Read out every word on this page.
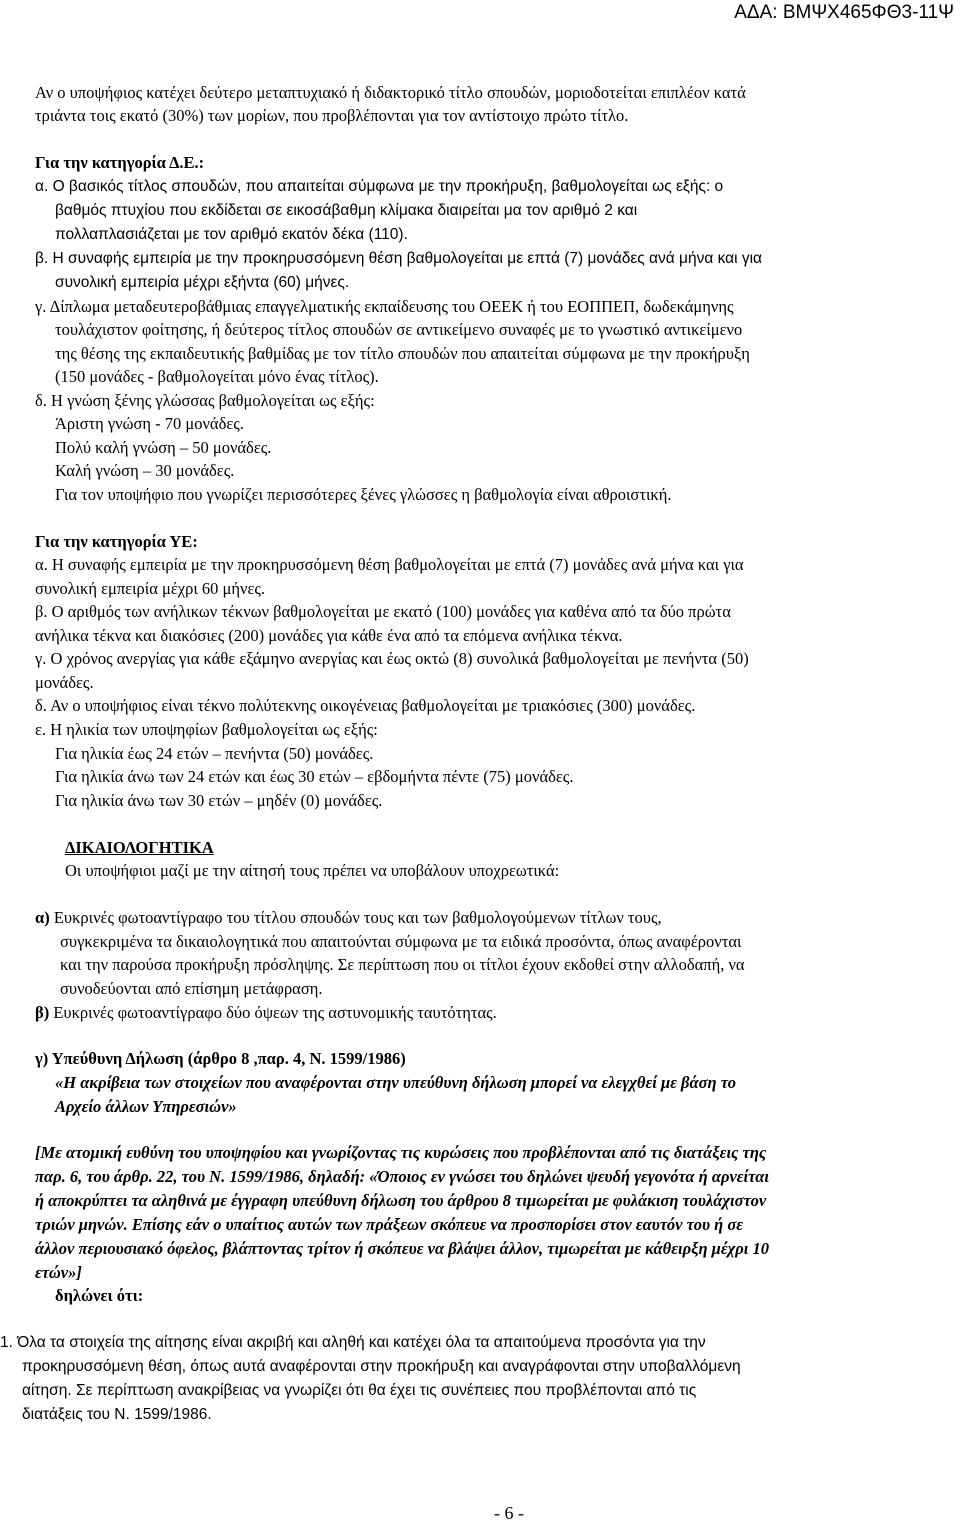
ΑΔΑ: ΒΜΨΧ465ΦΘ3-11Ψ

Αν ο υποψήφιος κατέχει δεύτερο μεταπτυχιακό ή διδακτορικό τίτλο σπουδών, μοριοδοτείται επιπλέον κατά

τριάντα τοις εκατό (30%) των μορίων, που προβλέπονται για τον αντίστοιχο πρώτο τίτλο.

Για την κατηγορία Δ.Ε.:

α. Ο βασικός τίτλος σπουδών, που απαιτείται σύμφωνα με την προκήρυξη, βαθμολογείται ως εξής: ο

βαθμός πτυχίου που εκδίδεται σε εικοσάβαθμη κλίμακα διαιρείται μα τον αριθμό 2 και

πολλαπλασιάζεται με τον αριθμό εκατόν δέκα (110).

β. Η συναφής εμπειρία με την προκηρυσσόμενη θέση βαθμολογείται με επτά (7) μονάδες ανά μήνα και για

συνολική εμπειρία μέχρι εξήντα (60) μήνες.

γ. Δίπλωμα μεταδευτεροβάθμιας επαγγελματικής εκπαίδευσης του ΟΕΕΚ ή του ΕΟΠΠΕΠ, δωδεκάμηνης

τουλάχιστον φοίτησης, ή δεύτερος τίτλος σπουδών σε αντικείμενο συναφές με το γνωστικό αντικείμενο

της θέσης της εκπαιδευτικής βαθμίδας με τον τίτλο σπουδών που απαιτείται σύμφωνα με την προκήρυξη

(150 μονάδες - βαθμολογείται μόνο ένας τίτλος).

δ. Η γνώση ξένης γλώσσας βαθμολογείται ως εξής:

Άριστη γνώση - 70 μονάδες.

Πολύ καλή γνώση – 50 μονάδες.

Καλή γνώση – 30 μονάδες.

Για τον υποψήφιο που γνωρίζει περισσότερες ξένες γλώσσες η βαθμολογία είναι αθροιστική.

Για την κατηγορία ΥΕ:

α. Η συναφής εμπειρία με την προκηρυσσόμενη θέση βαθμολογείται με επτά (7) μονάδες ανά μήνα και για

συνολική εμπειρία μέχρι 60 μήνες.

β. Ο αριθμός των ανήλικων τέκνων βαθμολογείται με εκατό (100) μονάδες για καθένα από τα δύο πρώτα

ανήλικα τέκνα και διακόσιες (200) μονάδες για κάθε ένα από τα επόμενα ανήλικα τέκνα.

γ. Ο χρόνος ανεργίας για κάθε εξάμηνο ανεργίας και έως οκτώ (8) συνολικά βαθμολογείται με πενήντα (50)

μονάδες.

δ. Αν ο υποψήφιος είναι τέκνο πολύτεκνης οικογένειας βαθμολογείται με τριακόσιες (300) μονάδες.

ε. Η ηλικία των υποψηφίων βαθμολογείται ως εξής:

Για ηλικία έως 24 ετών – πενήντα (50) μονάδες.

Για ηλικία άνω των 24 ετών και έως 30 ετών – εβδομήντα πέντε (75) μονάδες.

Για ηλικία άνω των 30 ετών – μηδέν (0) μονάδες.

ΔΙΚΑΙΟΛΟΓΗΤΙΚΑ

Οι υποψήφιοι μαζί με την αίτησή τους πρέπει να υποβάλουν υποχρεωτικά:

α) Ευκρινές φωτοαντίγραφο του τίτλου σπουδών τους και των βαθμολογούμενων τίτλων τους,

συγκεκριμένα τα δικαιολογητικά που απαιτούνται σύμφωνα με τα ειδικά προσόντα, όπως αναφέρονται

και την παρούσα προκήρυξη πρόσληψης. Σε περίπτωση που οι τίτλοι έχουν εκδοθεί στην αλλοδαπή, να

συνοδεύονται από επίσημη μετάφραση.

β) Ευκρινές φωτοαντίγραφο δύο όψεων της αστυνομικής ταυτότητας.

γ) Υπεύθυνη Δήλωση (άρθρο 8 ,παρ. 4, Ν. 1599/1986)

«Η ακρίβεια των στοιχείων που αναφέρονται στην υπεύθυνη δήλωση μπορεί να ελεγχθεί με βάση το

Αρχείο άλλων Υπηρεσιών»

[Με ατομική ευθύνη του υποψηφίου και γνωρίζοντας τις κυρώσεις που προβλέπονται από τις διατάξεις της

παρ. 6, του άρθρ. 22, του Ν. 1599/1986, δηλαδή: «Όποιος εν γνώσει του δηλώνει ψευδή γεγονότα ή αρνείται

ή αποκρύπτει τα αληθινά με έγγραφη υπεύθυνη δήλωση του άρθρου 8 τιμωρείται με φυλάκιση τουλάχιστον

τριών μηνών. Επίσης εάν ο υπαίτιος αυτών των πράξεων σκόπευε να προσπορίσει στον εαυτόν του ή σε

άλλον περιουσιακό όφελος, βλάπτοντας τρίτον ή σκόπευε να βλάψει άλλον, τιμωρείται με κάθειρξη μέχρι 10

ετών»]

δηλώνει ότι:

1. Όλα τα στοιχεία της αίτησης είναι ακριβή και αληθή και κατέχει όλα τα απαιτούμενα προσόντα για την

προκηρυσσόμενη θέση, όπως αυτά αναφέρονται στην προκήρυξη και αναγράφονται στην υποβαλλόμενη

αίτηση. Σε περίπτωση ανακρίβειας να γνωρίζει ότι θα έχει τις συνέπειες που προβλέπονται από τις

διατάξεις του Ν. 1599/1986.

- 6 -
